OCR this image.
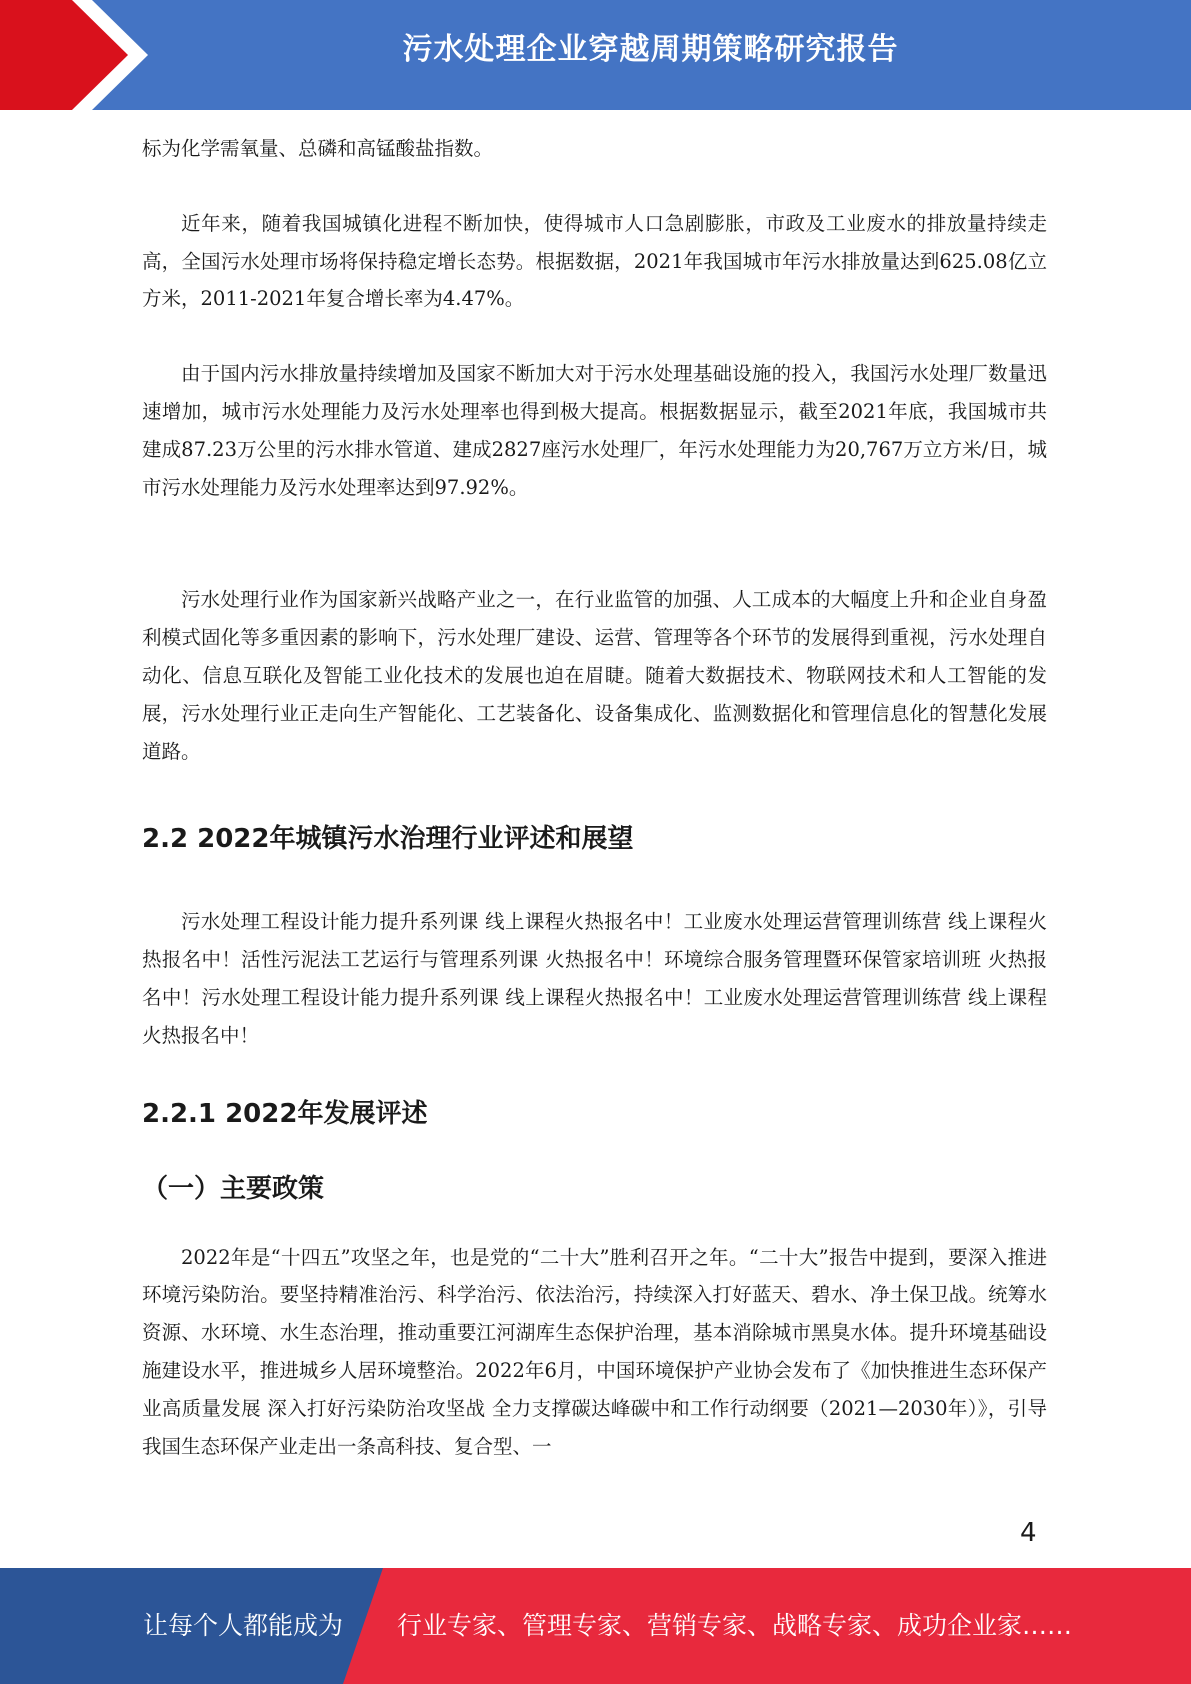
污水处理企业穿越周期策略研究报告

标为化学需氧量、总磷和高锰酸盐指数。

近年来，随着我国城镇化进程不断加快，使得城市人口急剧膨胀，市政及工业废水的排放量持续走高，全国污水处理市场将保持稳定增长态势。根据数据，2021年我国城市年污水排放量达到625.08亿立方米，2011-2021年复合增长率为4.47%。

由于国内污水排放量持续增加及国家不断加大对于污水处理基础设施的投入，我国污水处理厂数量迅速增加，城市污水处理能力及污水处理率也得到极大提高。根据数据显示，截至2021年底，我国城市共建成87.23万公里的污水排水管道、建成2827座污水处理厂，年污水处理能力为20,767万立方米/日，城市污水处理能力及污水处理率达到97.92%。

污水处理行业作为国家新兴战略产业之一，在行业监管的加强、人工成本的大幅度上升和企业自身盈利模式固化等多重因素的影响下，污水处理厂建设、运营、管理等各个环节的发展得到重视，污水处理自动化、信息互联化及智能工业化技术的发展也迫在眉睫。随着大数据技术、物联网技术和人工智能的发展，污水处理行业正走向生产智能化、工艺装备化、设备集成化、监测数据化和管理信息化的智慧化发展道路。

2.2 2022年城镇污水治理行业评述和展望

污水处理工程设计能力提升系列课 线上课程火热报名中！工业废水处理运营管理训练营 线上课程火热报名中！活性污泥法工艺运行与管理系列课 火热报名中！环境综合服务管理暨环保管家培训班 火热报名中！污水处理工程设计能力提升系列课 线上课程火热报名中！工业废水处理运营管理训练营 线上课程火热报名中！

2.2.1 2022年发展评述
（一）主要政策

2022年是“十四五”攻坚之年，也是党的“二十大”胜利召开之年。“二十大”报告中提到，要深入推进环境污染防治。要坚持精准治污、科学治污、依法治污，持续深入打好蓝天、碧水、净土保卫战。统筹水资源、水环境、水生态治理，推动重要江河湖库生态保护治理，基本消除城市黑臭水体。提升环境基础设施建设水平，推进城乡人居环境整治。2022年6月，中国环境保护产业协会发布了《加快推进生态环保产业高质量发展 深入打好污染防治攻坚战 全力支撑碳达峰碳中和工作行动纲要（2021—2030年）》，引导我国生态环保产业走出一条高科技、复合型、一

4
让每个人都能成为 行业专家、管理专家、营销专家、战略专家、成功企业家……
